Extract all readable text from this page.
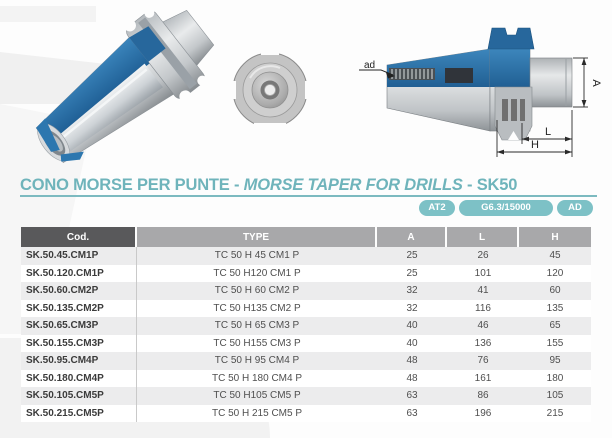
ad
A
L
H
CONO MORSE PER PUNTE - MORSE TAPER FOR DRILLS - SK50
AT2	G6.3/15000	AD
Cod.	TYPE	A	L	H
SK.50.45.CM1P	TC 50 H 45 CM1 P	25	26	45
SK.50.120.CM1P	TC 50 H120 CM1 P	25	101	120
SK.50.60.CM2P	TC 50 H 60 CM2 P	32	41	60
SK.50.135.CM2P	TC 50 H135 CM2 P	32	116	135
SK.50.65.CM3P	TC 50 H 65 CM3 P	40	46	65
SK.50.155.CM3P	TC 50 H155 CM3 P	40	136	155
SK.50.95.CM4P	TC 50 H 95 CM4 P	48	76	95
SK.50.180.CM4P	TC 50 H 180 CM4 P	48	161	180
SK.50.105.CM5P	TC 50 H105 CM5 P	63	86	105
SK.50.215.CM5P	TC 50 H 215 CM5 P	63	196	215
